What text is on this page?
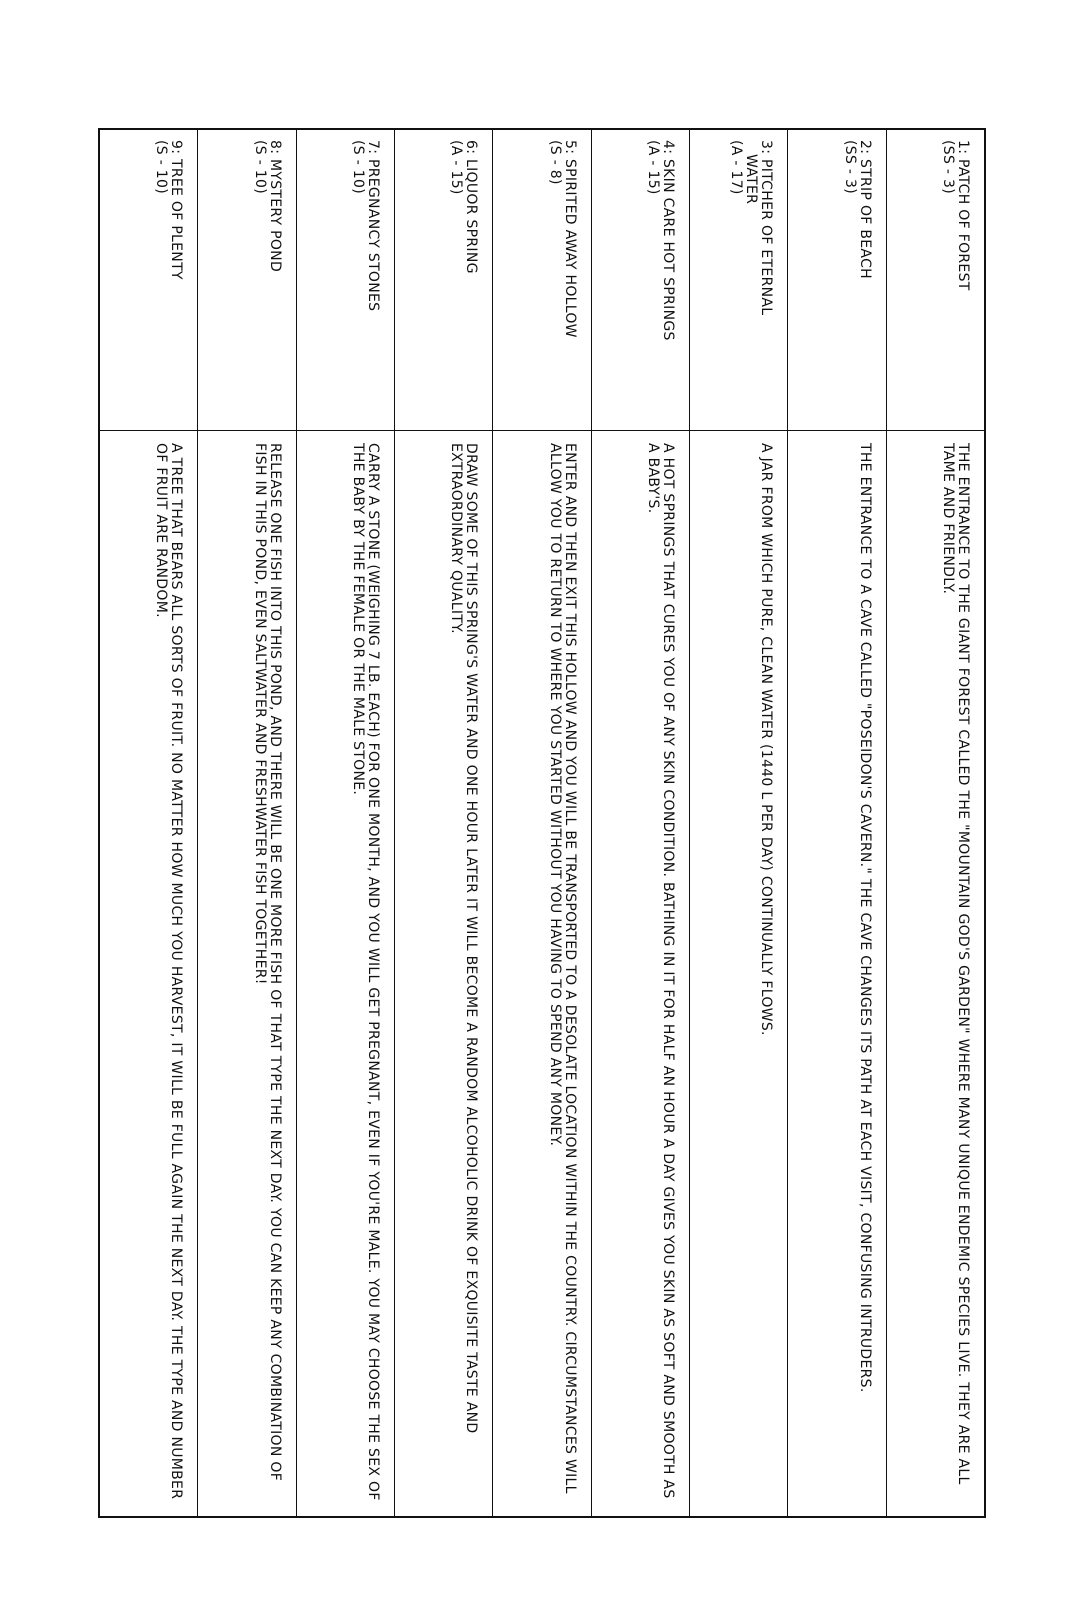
1: PATCH OF FOREST
(SS - 3)
THE ENTRANCE TO THE GIANT FOREST CALLED THE "MOUNTAIN GOD'S GARDEN" WHERE MANY UNIQUE ENDEMIC SPECIES LIVE. THEY ARE ALL TAME AND FRIENDLY.
2: STRIP OF BEACH
(SS - 3)
THE ENTRANCE TO A CAVE CALLED "POSEIDON'S CAVERN." THE CAVE CHANGES ITS PATH AT EACH VISIT, CONFUSING INTRUDERS.
3: PITCHER OF ETERNAL
WATER
(A - 17)
A JAR FROM WHICH PURE, CLEAN WATER (1440 L PER DAY) CONTINUALLY FLOWS.
4: SKIN CARE HOT SPRINGS
(A - 15)
A HOT SPRINGS THAT CURES YOU OF ANY SKIN CONDITION. BATHING IN IT FOR HALF AN HOUR A DAY GIVES YOU SKIN AS SOFT AND SMOOTH AS A BABY'S.
5: SPIRITED AWAY HOLLOW
(S - 8)
ENTER AND THEN EXIT THIS HOLLOW AND YOU WILL BE TRANSPORTED TO A DESOLATE LOCATION WITHIN THE COUNTRY. CIRCUMSTANCES WILL ALLOW YOU TO RETURN TO WHERE YOU STARTED WITHOUT YOU HAVING TO SPEND ANY MONEY.
6: LIQUOR SPRING
(A - 15)
DRAW SOME OF THIS SPRING'S WATER AND ONE HOUR LATER IT WILL BECOME A RANDOM ALCOHOLIC DRINK OF EXQUISITE TASTE AND EXTRAORDINARY QUALITY.
7: PREGNANCY STONES
(S - 10)
CARRY A STONE (WEIGHING 7 LB. EACH) FOR ONE MONTH, AND YOU WILL GET PREGNANT, EVEN IF YOU'RE MALE. YOU MAY CHOOSE THE SEX OF THE BABY BY THE FEMALE OR THE MALE STONE.
8: MYSTERY POND
(S - 10)
RELEASE ONE FISH INTO THIS POND, AND THERE WILL BE ONE MORE FISH OF THAT TYPE THE NEXT DAY. YOU CAN KEEP ANY COMBINATION OF FISH IN THIS POND, EVEN SALTWATER AND FRESHWATER FISH TOGETHER!
9: TREE OF PLENTY
(S - 10)
A TREE THAT BEARS ALL SORTS OF FRUIT. NO MATTER HOW MUCH YOU HARVEST, IT WILL BE FULL AGAIN THE NEXT DAY. THE TYPE AND NUMBER OF FRUIT ARE RANDOM.
